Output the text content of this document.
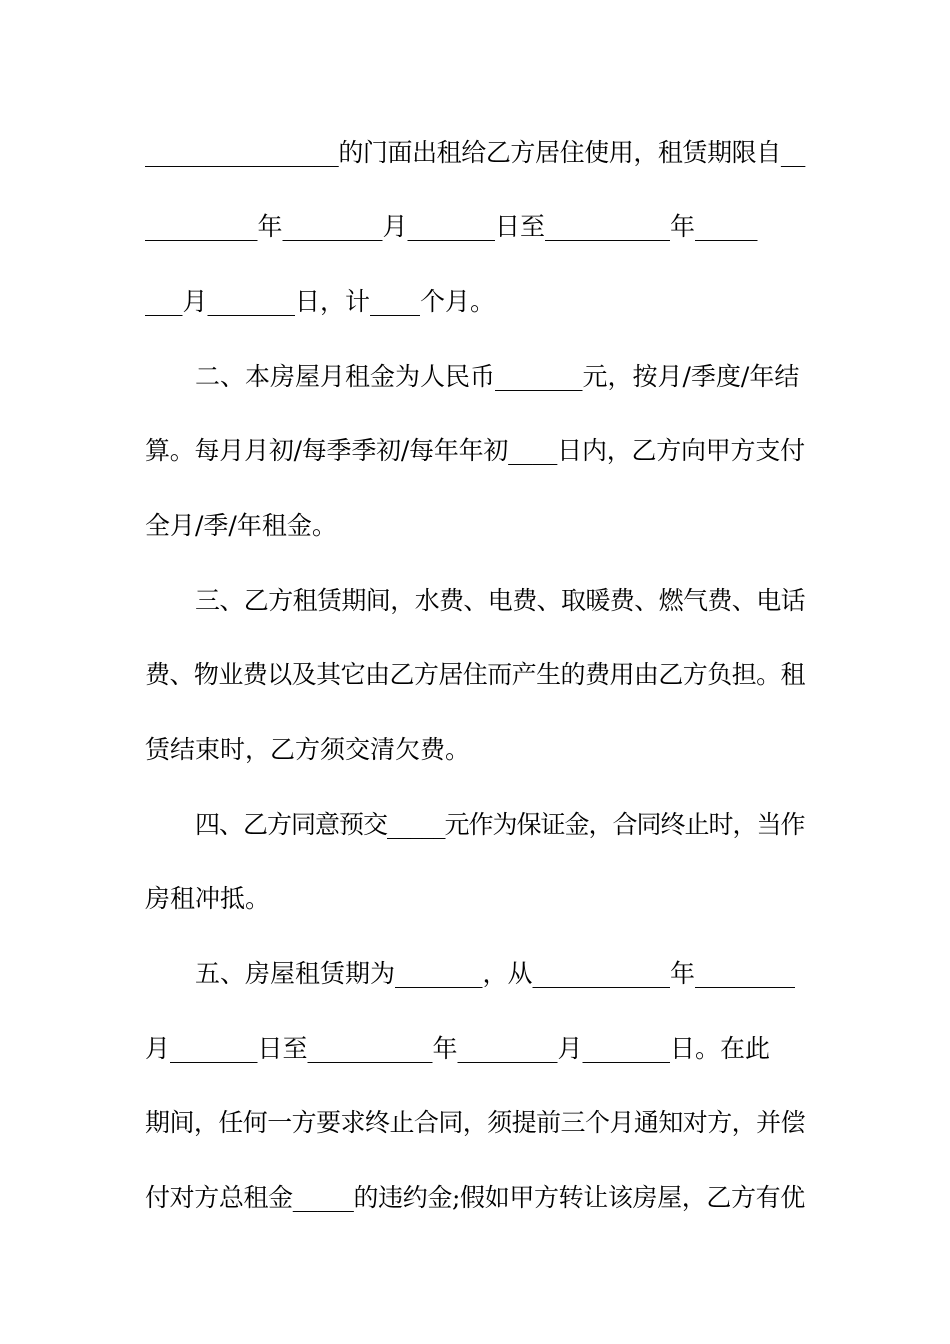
________________的门面出租给乙方居住使用，租赁期限自__
_________年________月_______日至__________年_____
___月_______日，计____个月。
二、本房屋月租金为人民币_______元，按月/季度/年结
算。每月月初/每季季初/每年年初____日内，乙方向甲方支付
全月/季/年租金。
三、乙方租赁期间，水费、电费、取暖费、燃气费、电话
费、物业费以及其它由乙方居住而产生的费用由乙方负担。租
赁结束时，乙方须交清欠费。
四、乙方同意预交_____元作为保证金，合同终止时，当作
房租冲抵。
五、房屋租赁期为_______，从___________年________
月_______日至__________年________月_______日。在此
期间，任何一方要求终止合同，须提前三个月通知对方，并偿
付对方总租金_____的违约金;假如甲方转让该房屋，乙方有优
